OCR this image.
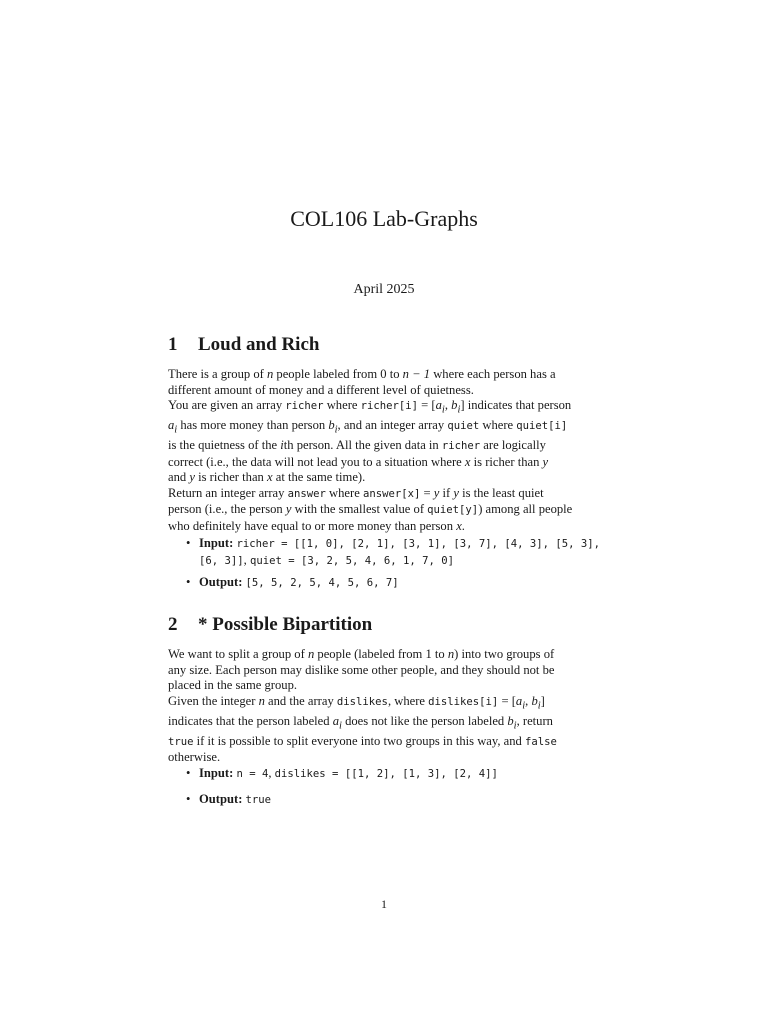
COL106 Lab-Graphs
April 2025
1	Loud and Rich

There is a group of n people labeled from 0 to n − 1 where each person has a
different amount of money and a different level of quietness.
You are given an array richer where richer[i] = [$a_i$, $b_i$] indicates that person
$a_i$ has more money than person $b_i$, and an integer array quiet where quiet[i]
is the quietness of the ith person. All the given data in richer are logically
correct (i.e., the data will not lead you to a situation where x is richer than y
and y is richer than x at the same time).
Return an integer array answer where answer[x] = y if y is the least quiet
person (i.e., the person y with the smallest value of quiet[y]) among all people
who definitely have equal to or more money than person x.

• Input: richer = [[1, 0], [2, 1], [3, 1], [3, 7], [4, 3], [5, 3],
[6, 3]], quiet = [3, 2, 5, 4, 6, 1, 7, 0]
• Output: [5, 5, 2, 5, 4, 5, 6, 7]
2	* Possible Bipartition

We want to split a group of n people (labeled from 1 to n) into two groups of
any size. Each person may dislike some other people, and they should not be
placed in the same group.
Given the integer n and the array dislikes, where dislikes[i] = [$a_i$, $b_i$]
indicates that the person labeled $a_i$ does not like the person labeled $b_i$, return
true if it is possible to split everyone into two groups in this way, and false
otherwise.

• Input: n = 4, dislikes = [[1, 2], [1, 3], [2, 4]]
• Output: true
1
